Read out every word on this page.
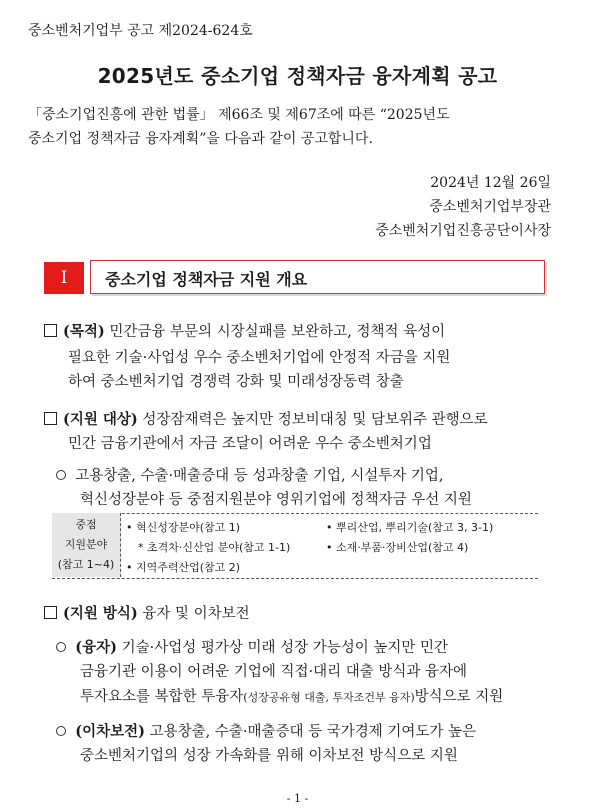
중소벤처기업부 공고 제2024-624호
2025년도 중소기업 정책자금 융자계획 공고
「중소기업진흥에 관한 법률」 제66조 및 제67조에 따른 “2025년도
중소기업 정책자금 융자계획”을 다음과 같이 공고합니다.
2024년 12월 26일
중소벤처기업부장관
중소벤처기업진흥공단이사장
I	중소기업 정책자금 지원 개요
(목적) 민간금융 부문의 시장실패를 보완하고, 정책적 육성이
필요한 기술·사업성 우수 중소벤처기업에 안정적 자금을 지원
하여 중소벤처기업 경쟁력 강화 및 미래성장동력 창출
(지원 대상) 성장잠재력은 높지만 정보비대칭 및 담보위주 관행으로
민간 금융기관에서 자금 조달이 어려운 우수 중소벤처기업
고용창출, 수출·매출증대 등 성과창출 기업, 시설투자 기업,
혁신성장분야 등 중점지원분야 영위기업에 정책자금 우선 지원
중점
지원분야
(참고 1~4)
• 혁신성장분야(참고 1)
* 초격차·신산업 분야(참고 1-1)
• 지역주력산업(참고 2)
• 뿌리산업, 뿌리기술(참고 3, 3-1)
• 소재·부품·장비산업(참고 4)
(지원 방식) 융자 및 이차보전
(융자) 기술·사업성 평가상 미래 성장 가능성이 높지만 민간
금융기관 이용이 어려운 기업에 직접·대리 대출 방식과 융자에
투자요소를 복합한 투융자(성장공유형 대출, 투자조건부 융자)방식으로 지원
(이차보전) 고용창출, 수출·매출증대 등 국가경제 기여도가 높은
중소벤처기업의 성장 가속화를 위해 이차보전 방식으로 지원
- 1 -
